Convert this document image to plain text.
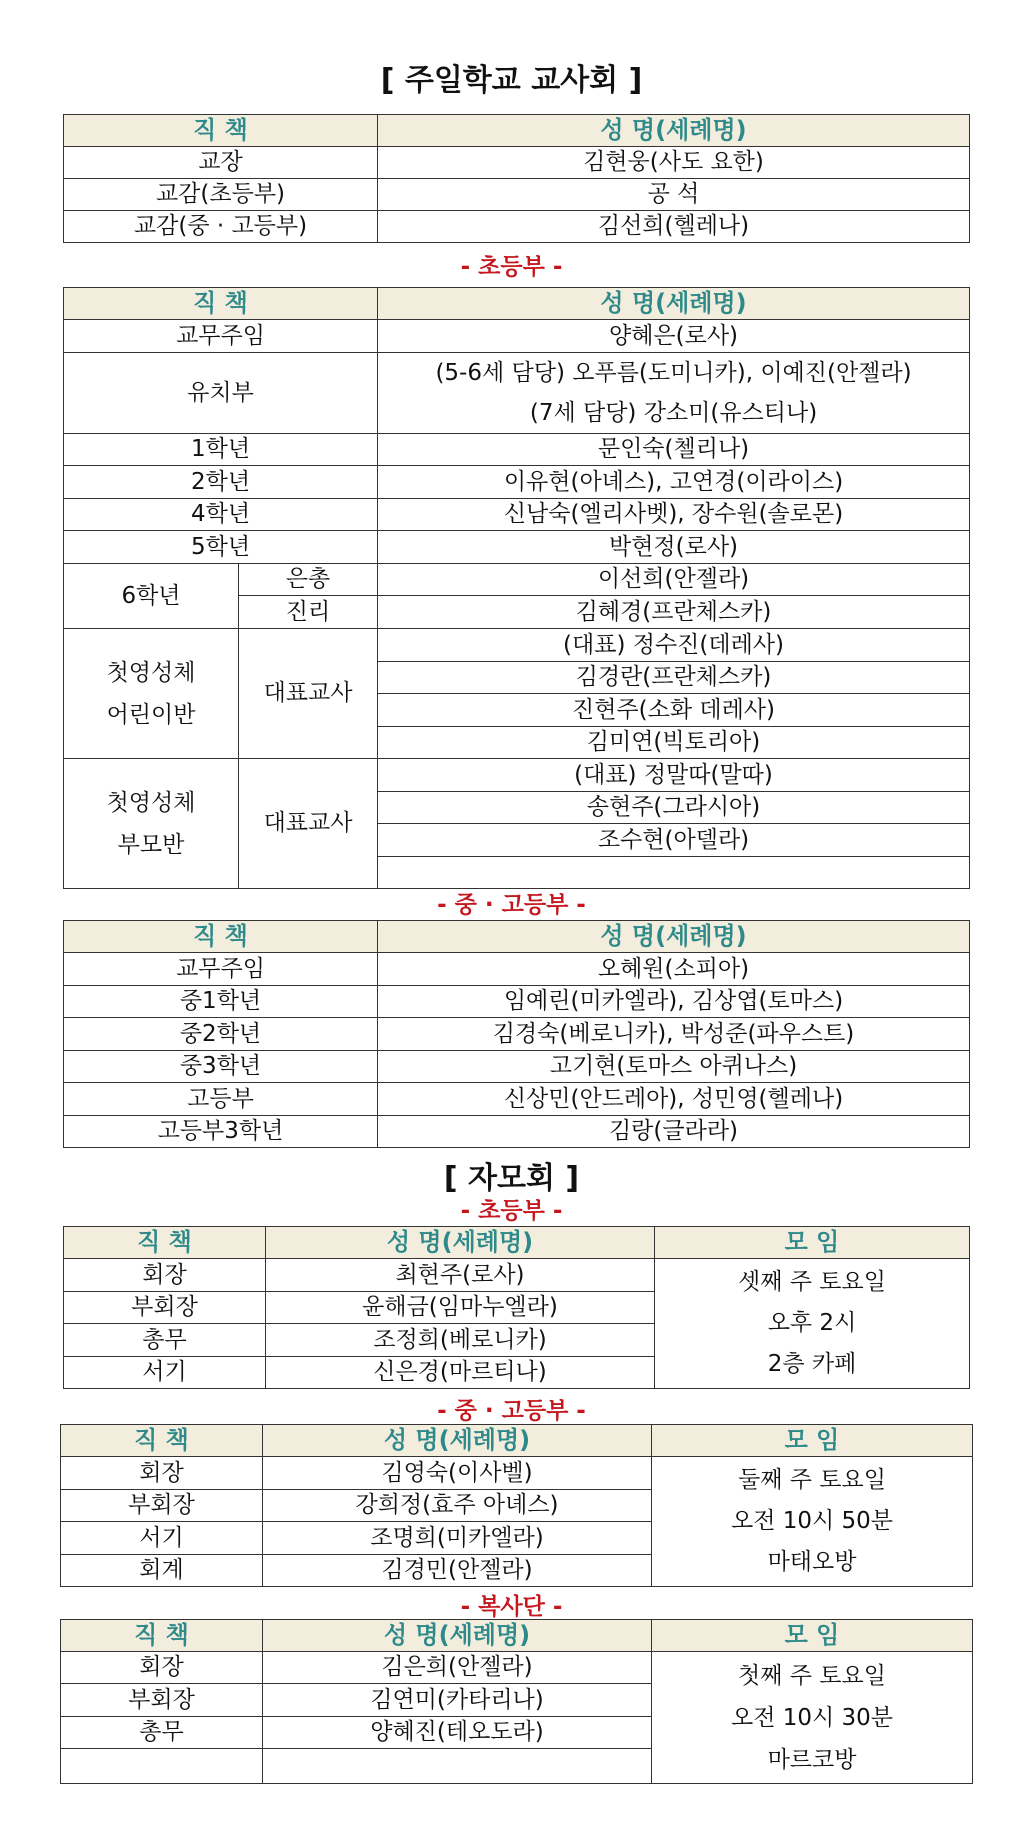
[ 주일학교 교사회 ]
직 책	성 명(세례명)
교장	김현웅(사도 요한)
교감(초등부)	공 석
교감(중 · 고등부)	김선희(헬레나)
- 초등부 -
직 책		성 명(세례명)
교무주임		양혜은(로사)
유치부		(5-6세 담당) 오푸름(도미니카), 이예진(안젤라)
(7세 담당) 강소미(유스티나)

1학년		문인숙(첼리나)
2학년		이유현(아녜스), 고연경(이라이스)
4학년		신남숙(엘리사벳), 장수원(솔로몬)
5학년		박현정(로사)
6학년	은총	이선희(안젤라)
	진리	김혜경(프란체스카)

첫영성체
어린이반	대표교사	(대표) 정수진(데레사)
		김경란(프란체스카)
		진현주(소화 데레사)
		김미연(빅토리아)

첫영성체
부모반	대표교사	(대표) 정말따(말따)
		송현주(그라시아)
		조수현(아델라)

- 중 · 고등부 -
직 책	성 명(세례명)
교무주임	오혜원(소피아)
중1학년	임예린(미카엘라), 김상엽(토마스)
중2학년	김경숙(베로니카), 박성준(파우스트)
중3학년	고기현(토마스 아퀴나스)
고등부	신상민(안드레아), 성민영(헬레나)
고등부3학년	김랑(글라라)
[ 자모회 ]
- 초등부 -
직 책	성 명(세례명)	모 임
회장	최현주(로사)	셋째 주 토요일
오후 2시
2층 카페

부회장	윤해금(임마누엘라)	
총무	조정희(베로니카)	
서기	신은경(마르티나)	
- 중 · 고등부 -
직 책	성 명(세례명)	모 임
회장	김영숙(이사벨)	둘째 주 토요일
오전 10시 50분
마태오방

부회장	강희정(효주 아녜스)	
서기	조명희(미카엘라)	
회계	김경민(안젤라)	
- 복사단 -
직 책	성 명(세례명)	모 임
회장	김은희(안젤라)	첫째 주 토요일
오전 10시 30분
마르코방

부회장	김연미(카타리나)	
총무	양혜진(테오도라)	
